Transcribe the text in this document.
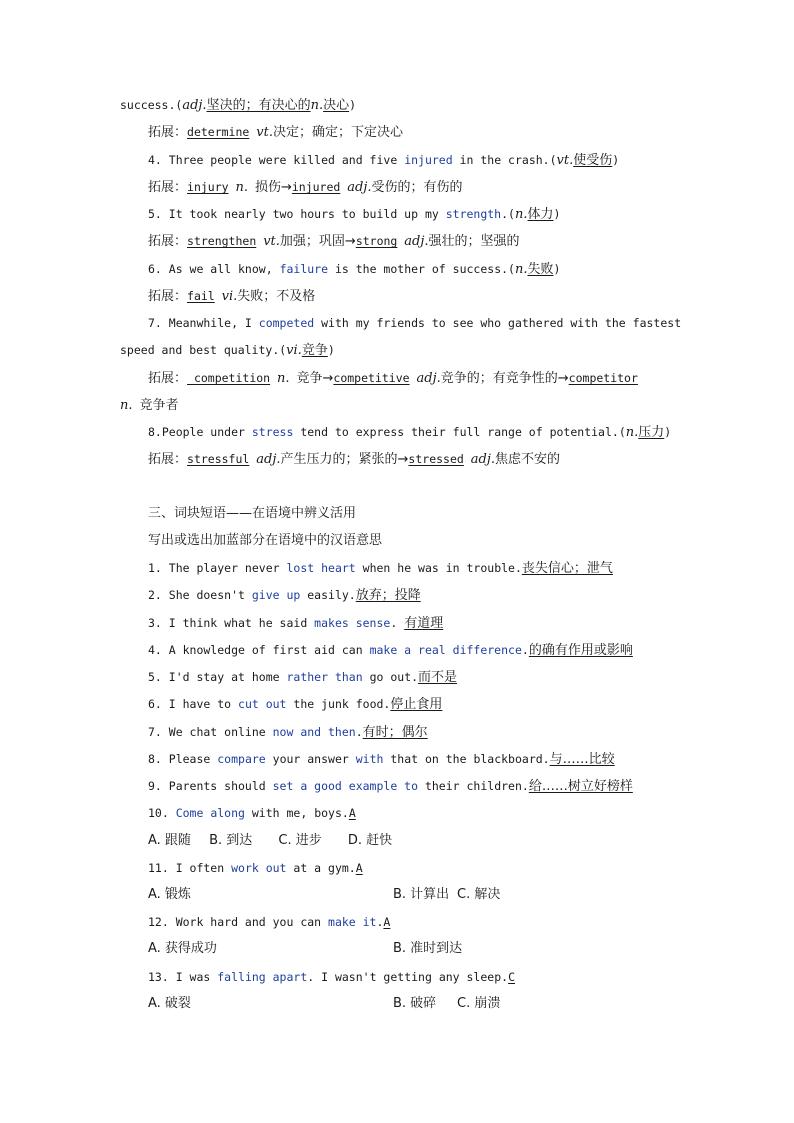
success.(adj.坚决的；有决心的n.决心)
拓展：determine vt.决定；确定；下定决心
4. Three people were killed and five injured in the crash.(vt.使受伤)
拓展：injury n. 损伤→injured adj.受伤的；有伤的
5. It took nearly two hours to build up my strength.(n.体力)
拓展：strengthen vt.加强；巩固→strong adj.强壮的；坚强的
6. As we all know, failure is the mother of success.(n.失败)
拓展：fail vi.失败；不及格
7. Meanwhile, I competed with my friends to see who gathered with the fastest
speed and best quality.(vi.竞争)
拓展： competition n. 竞争→competitive adj.竞争的；有竞争性的→competitor
n. 竞争者
8.People under stress tend to express their full range of potential.(n.压力)
拓展：stressful adj.产生压力的；紧张的→stressed adj.焦虑不安的
三、词块短语——在语境中辨义活用
写出或选出加蓝部分在语境中的汉语意思
1. The player never lost heart when he was in trouble.丧失信心；泄气
2. She doesn't give up easily.放弃；投降
3. I think what he said makes sense. 有道理
4. A knowledge of first aid can make a real difference.的确有作用或影响
5. I'd stay at home rather than go out.而不是
6. I have to cut out the junk food.停止食用
7. We chat online now and then.有时；偶尔
8. Please compare your answer with that on the blackboard.与……比较
9. Parents should set a good example to their children.给……树立好榜样
10. Come along with me, boys.A
A. 跟随 B. 到达 C. 进步 D. 赶快
11. I often work out at a gym.A
A. 锻炼	B. 计算出 C. 解决
12. Work hard and you can make it.A
A. 获得成功	B. 准时到达
13. I was falling apart. I wasn't getting any sleep.C
A. 破裂	B. 破碎 C. 崩溃
